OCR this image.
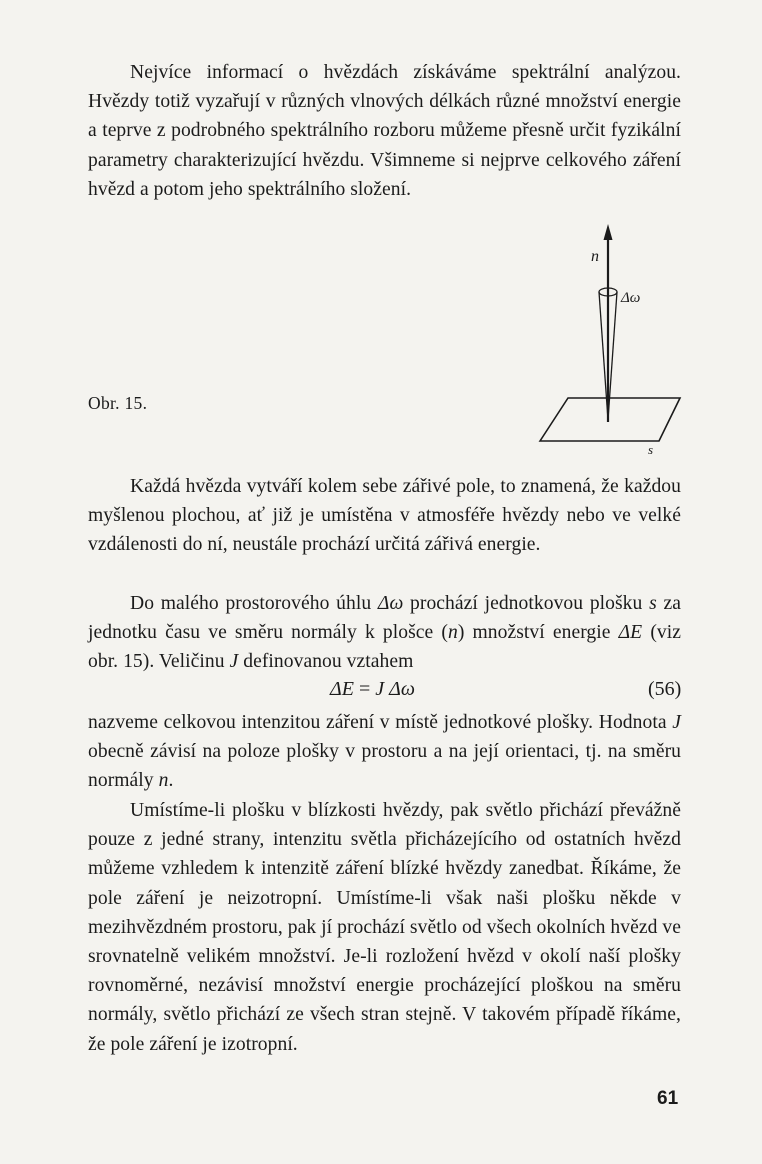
Nejvíce informací o hvězdách získáváme spektrální analýzou. Hvězdy totiž vyzařují v různých vlnových délkách různé množství energie a teprve z podrobného spektrálního rozboru můžeme přesně určit fyzikální parametry charakterizující hvězdu. Všimneme si nejprve celkového záření hvězd a potom jeho spektrálního složení.

n
Δω
s

Obr. 15.

Každá hvězda vytváří kolem sebe zářivé pole, to znamená, že každou myšlenou plochou, ať již je umístěna v atmosféře hvězdy nebo ve velké vzdálenosti do ní, neustále prochází určitá zářivá energie.

Do malého prostorového úhlu Δω prochází jednotkovou plošku s za jednotku času ve směru normály k plošce (n) množství energie ΔE (viz obr. 15). Veličinu J definovanou vztahem

ΔE = J Δω	(56)

nazveme celkovou intenzitou záření v místě jednotkové plošky. Hodnota J obecně závisí na poloze plošky v prostoru a na její orientaci, tj. na směru normály n.

Umístíme-li plošku v blízkosti hvězdy, pak světlo přichází převážně pouze z jedné strany, intenzitu světla přicházejícího od ostatních hvězd můžeme vzhledem k intenzitě záření blízké hvězdy zanedbat. Říkáme, že pole záření je neizotropní. Umístíme-li však naši plošku někde v mezihvězdném prostoru, pak jí prochází světlo od všech okolních hvězd ve srovnatelně velikém množství. Je-li rozložení hvězd v okolí naší plošky rovnoměrné, nezávisí množství energie procházející ploškou na směru normály, světlo přichází ze všech stran stejně. V takovém případě říkáme, že pole záření je izotropní.

61
